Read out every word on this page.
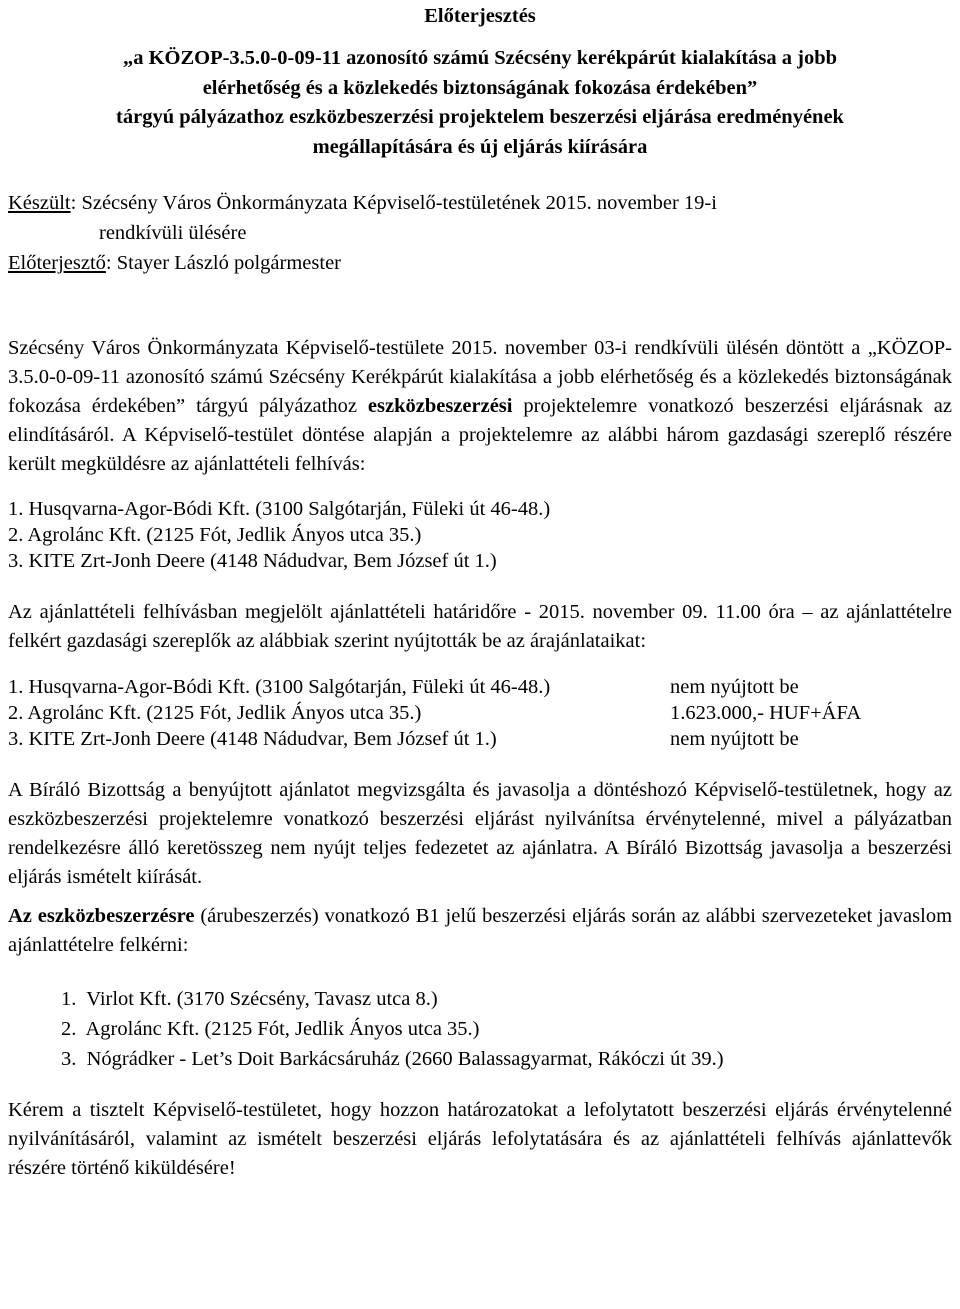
Előterjesztés
„a KÖZOP-3.5.0-0-09-11 azonosító számú Szécsény kerékpárút kialakítása a jobb
elérhetőség és a közlekedés biztonságának fokozása érdekében”
tárgyú pályázathoz eszközbeszerzési projektelem beszerzési eljárása eredményének
megállapítására és új eljárás kiírására

Készült: Szécsény Város Önkormányzata Képviselő-testületének 2015. november 19-i

rendkívüli ülésére

Előterjesztő: Stayer László polgármester

Szécsény Város Önkormányzata Képviselő-testülete 2015. november 03-i rendkívüli ülésén döntött a „KÖZOP-3.5.0-0-09-11 azonosító számú Szécsény Kerékpárút kialakítása a jobb elérhetőség és a közlekedés biztonságának fokozása érdekében” tárgyú pályázathoz eszközbeszerzési projektelemre vonatkozó beszerzési eljárásnak az elindításáról. A Képviselő-testület döntése alapján a projektelemre az alábbi három gazdasági szereplő részére került megküldésre az ajánlattételi felhívás:

1. Husqvarna-Agor-Bódi Kft. (3100 Salgótarján, Füleki út 46-48.)
2. Agrolánc Kft. (2125 Fót, Jedlik Ányos utca 35.)
3. KITE Zrt-Jonh Deere (4148 Nádudvar, Bem József út 1.)

Az ajánlattételi felhívásban megjelölt ajánlattételi határidőre - 2015. november 09. 11.00 óra – az ajánlattételre felkért gazdasági szereplők az alábbiak szerint nyújtották be az árajánlataikat:

1. Husqvarna-Agor-Bódi Kft. (3100 Salgótarján, Füleki út 46-48.)	nem nyújtott be
2. Agrolánc Kft. (2125 Fót, Jedlik Ányos utca 35.)	1.623.000,- HUF+ÁFA
3. KITE Zrt-Jonh Deere (4148 Nádudvar, Bem József út 1.)	nem nyújtott be

A Bíráló Bizottság a benyújtott ajánlatot megvizsgálta és javasolja a döntéshozó Képviselő-testületnek, hogy az eszközbeszerzési projektelemre vonatkozó beszerzési eljárást nyilvánítsa érvénytelenné, mivel a pályázatban rendelkezésre álló keretösszeg nem nyújt teljes fedezetet az ajánlatra. A Bíráló Bizottság javasolja a beszerzési eljárás ismételt kiírását.

Az eszközbeszerzésre (árubeszerzés) vonatkozó B1 jelű beszerzési eljárás során az alábbi szervezeteket javaslom ajánlattételre felkérni:

1.  Virlot Kft. (3170 Szécsény, Tavasz utca 8.)
2.  Agrolánc Kft. (2125 Fót, Jedlik Ányos utca 35.)
3.  Nógrádker - Let’s Doit Barkácsáruház (2660 Balassagyarmat, Rákóczi út 39.)

Kérem a tisztelt Képviselő-testületet, hogy hozzon határozatokat a lefolytatott beszerzési eljárás érvénytelenné nyilvánításáról, valamint az ismételt beszerzési eljárás lefolytatására és az ajánlattételi felhívás ajánlattevők részére történő kiküldésére!
